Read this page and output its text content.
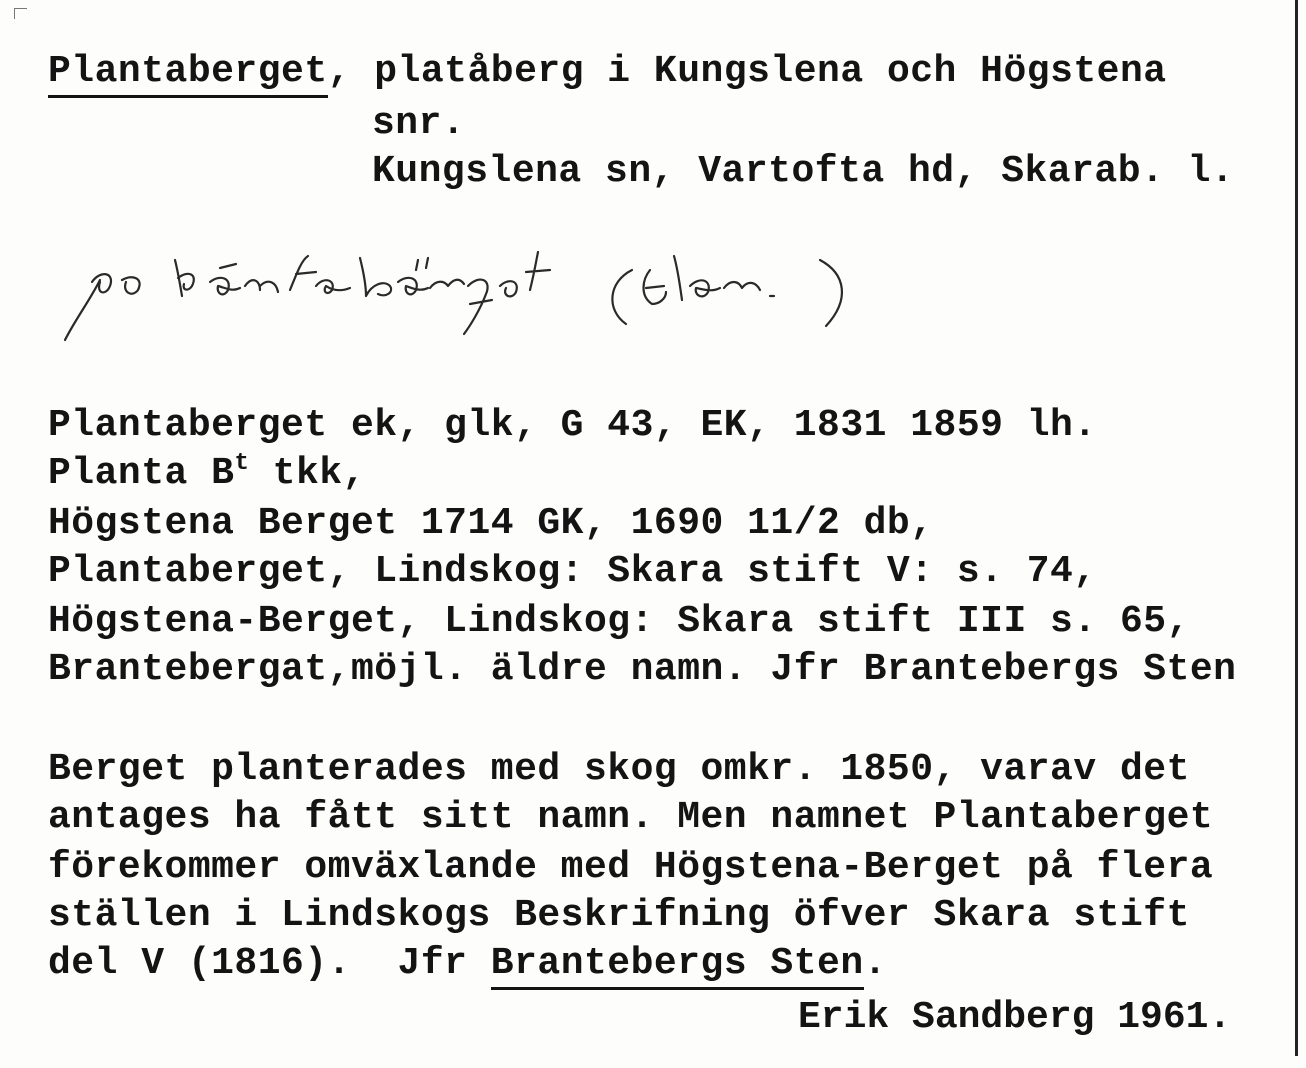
Plantaberget, platåberg i Kungslena och Högstena
snr.
Kungslena sn, Vartofta hd, Skarab. l.
Plantaberget ek, glk, G 43, EK, 1831 1859 lh.
Planta $B^t$ tkk,
Högstena Berget 1714 GK, 1690 11/2 db,
Plantaberget, Lindskog: Skara stift V: s. 74,
Högstena-Berget, Lindskog: Skara stift III s. 65,
Brantebergat,möjl. äldre namn. Jfr Brantebergs Sten
Berget planterades med skog omkr. 1850, varav det
antages ha fått sitt namn. Men namnet Plantaberget
förekommer omväxlande med Högstena-Berget på flera
ställen i Lindskogs Beskrifning öfver Skara stift
del V (1816).  Jfr Brantebergs Sten.
Erik Sandberg 1961.
